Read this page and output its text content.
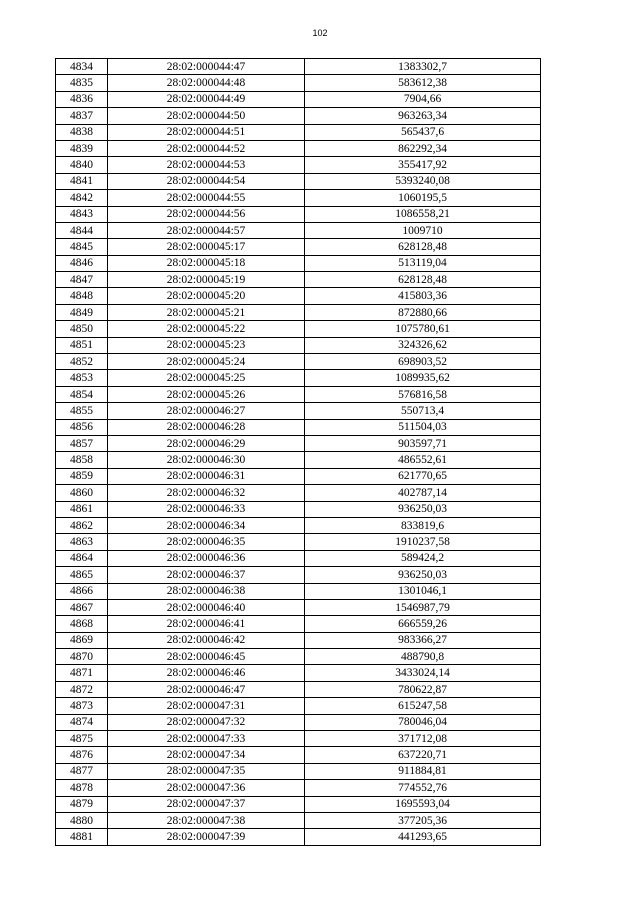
102
4834	28:02:000044:47	1383302,7
4835	28:02:000044:48	583612,38
4836	28:02:000044:49	7904,66
4837	28:02:000044:50	963263,34
4838	28:02:000044:51	565437,6
4839	28:02:000044:52	862292,34
4840	28:02:000044:53	355417,92
4841	28:02:000044:54	5393240,08
4842	28:02:000044:55	1060195,5
4843	28:02:000044:56	1086558,21
4844	28:02:000044:57	1009710
4845	28:02:000045:17	628128,48
4846	28:02:000045:18	513119,04
4847	28:02:000045:19	628128,48
4848	28:02:000045:20	415803,36
4849	28:02:000045:21	872880,66
4850	28:02:000045:22	1075780,61
4851	28:02:000045:23	324326,62
4852	28:02:000045:24	698903,52
4853	28:02:000045:25	1089935,62
4854	28:02:000045:26	576816,58
4855	28:02:000046:27	550713,4
4856	28:02:000046:28	511504,03
4857	28:02:000046:29	903597,71
4858	28:02:000046:30	486552,61
4859	28:02:000046:31	621770,65
4860	28:02:000046:32	402787,14
4861	28:02:000046:33	936250,03
4862	28:02:000046:34	833819,6
4863	28:02:000046:35	1910237,58
4864	28:02:000046:36	589424,2
4865	28:02:000046:37	936250,03
4866	28:02:000046:38	1301046,1
4867	28:02:000046:40	1546987,79
4868	28:02:000046:41	666559,26
4869	28:02:000046:42	983366,27
4870	28:02:000046:45	488790,8
4871	28:02:000046:46	3433024,14
4872	28:02:000046:47	780622,87
4873	28:02:000047:31	615247,58
4874	28:02:000047:32	780046,04
4875	28:02:000047:33	371712,08
4876	28:02:000047:34	637220,71
4877	28:02:000047:35	911884,81
4878	28:02:000047:36	774552,76
4879	28:02:000047:37	1695593,04
4880	28:02:000047:38	377205,36
4881	28:02:000047:39	441293,65
